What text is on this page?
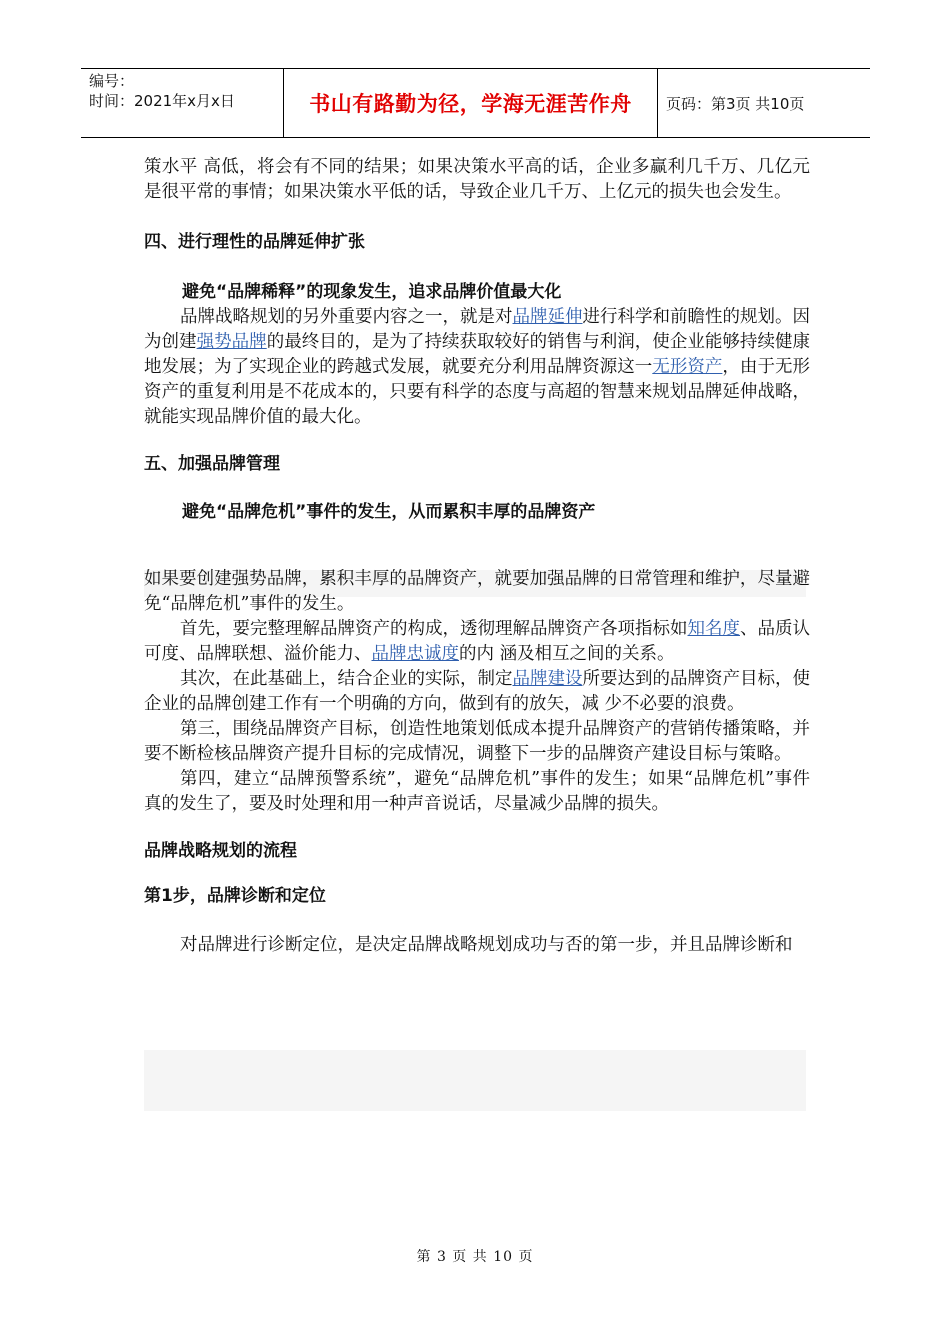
编号：
时间：2021年x月x日	书山有路勤为径，学海无涯苦作舟	页码：第3页 共10页

策水平 高低，将会有不同的结果；如果决策水平高的话，企业多赢利几千万、几亿元是很平常的事情；如果决策水平低的话，导致企业几千万、上亿元的损失也会发生。

四、进行理性的品牌延伸扩张

避免“品牌稀释”的现象发生，追求品牌价值最大化

品牌战略规划的另外重要内容之一，就是对品牌延伸进行科学和前瞻性的规划。因为创建强势品牌的最终目的，是为了持续获取较好的销售与利润，使企业能够持续健康地发展；为了实现企业的跨越式发展，就要充分利用品牌资源这一无形资产，由于无形资产的重复利用是不花成本的，只要有科学的态度与高超的智慧来规划品牌延伸战略，就能实现品牌价值的最大化。

五、加强品牌管理

避免“品牌危机”事件的发生，从而累积丰厚的品牌资产

如果要创建强势品牌，累积丰厚的品牌资产，就要加强品牌的日常管理和维护，尽量避免“品牌危机”事件的发生。

首先，要完整理解品牌资产的构成，透彻理解品牌资产各项指标如知名度、品质认可度、品牌联想、溢价能力、品牌忠诚度的内 涵及相互之间的关系。

其次，在此基础上，结合企业的实际，制定品牌建设所要达到的品牌资产目标，使企业的品牌创建工作有一个明确的方向，做到有的放矢，减 少不必要的浪费。

第三，围绕品牌资产目标，创造性地策划低成本提升品牌资产的营销传播策略，并要不断检核品牌资产提升目标的完成情况，调整下一步的品牌资产建设目标与策略。

第四，建立“品牌预警系统”，避免“品牌危机”事件的发生；如果“品牌危机”事件真的发生了，要及时处理和用一种声音说话，尽量减少品牌的损失。

品牌战略规划的流程

第1步，品牌诊断和定位

对品牌进行诊断定位，是决定品牌战略规划成功与否的第一步，并且品牌诊断和

第 3 页 共 10 页
